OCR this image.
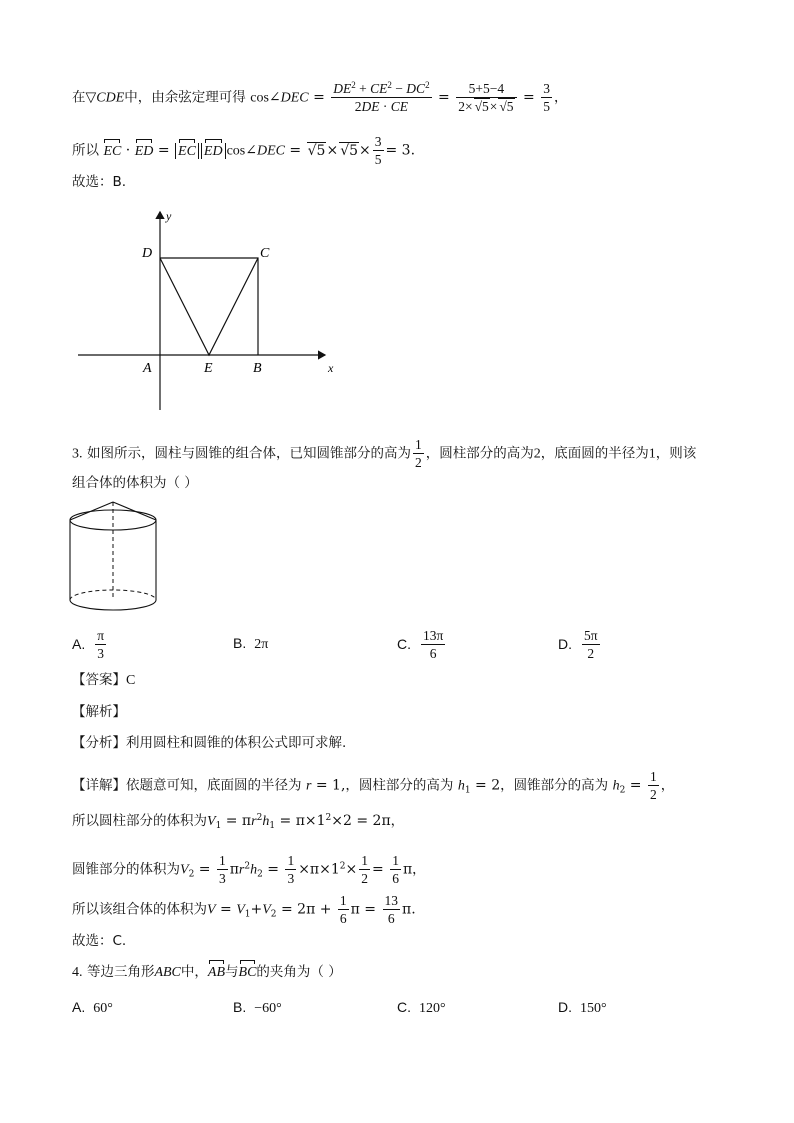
在▽CDE中，由余弦定理可得 cos∠DEC = $\frac{DE^2 + CE^2 - DC^2}{2DE \cdot CE} = \frac{5+5-4}{2\times √5\times √5} = \frac{3}{5}$ ，
所以 EC · ED = EC ED cos∠DEC = $√5\times √5\times \frac{3}{5} = 3$.
故选：B.
x
y
D	C
A	E	B
3. 如图所示，圆柱与圆锥的组合体，已知圆锥部分的高为 $\frac{1}{2}$ ，圆柱部分的高为2，底面圆的半径为1，则该
组合体的体积为（ ）
A. $\frac{\pi}{3}$	B. 2π	C. $\frac{13\pi}{6}$	D. $\frac{5\pi}{2}$
【答案】C
【解析】
【分析】利用圆柱和圆锥的体积公式即可求解.
【详解】依题意可知，底面圆的半径为 r = 1,，圆柱部分的高为 $h_1 = 2$，圆锥部分的高为 $h_2 = \frac{1}{2}$ ，
所以圆柱部分的体积为$V_1 = \pi r^2h_1 = \pi\times 1^2\times 2 = 2\pi$，
圆锥部分的体积为$V_2 = \frac{1}{3} \pi r^2h_2 = \frac{1}{3} \times\pi\times 1^2\times \frac{1}{2} = \frac{1}{6}$ π，
所以该组合体的体积为$V = V_1+V_2 = 2\pi + \frac{1}{6}$ $\pi = \frac{13}{6} \pi$.
故选：C.
4. 等边三角形ABC中，AB与BC的夹角为（ ）
A. 60°	B. −60°	C. 120°	D. 150°
